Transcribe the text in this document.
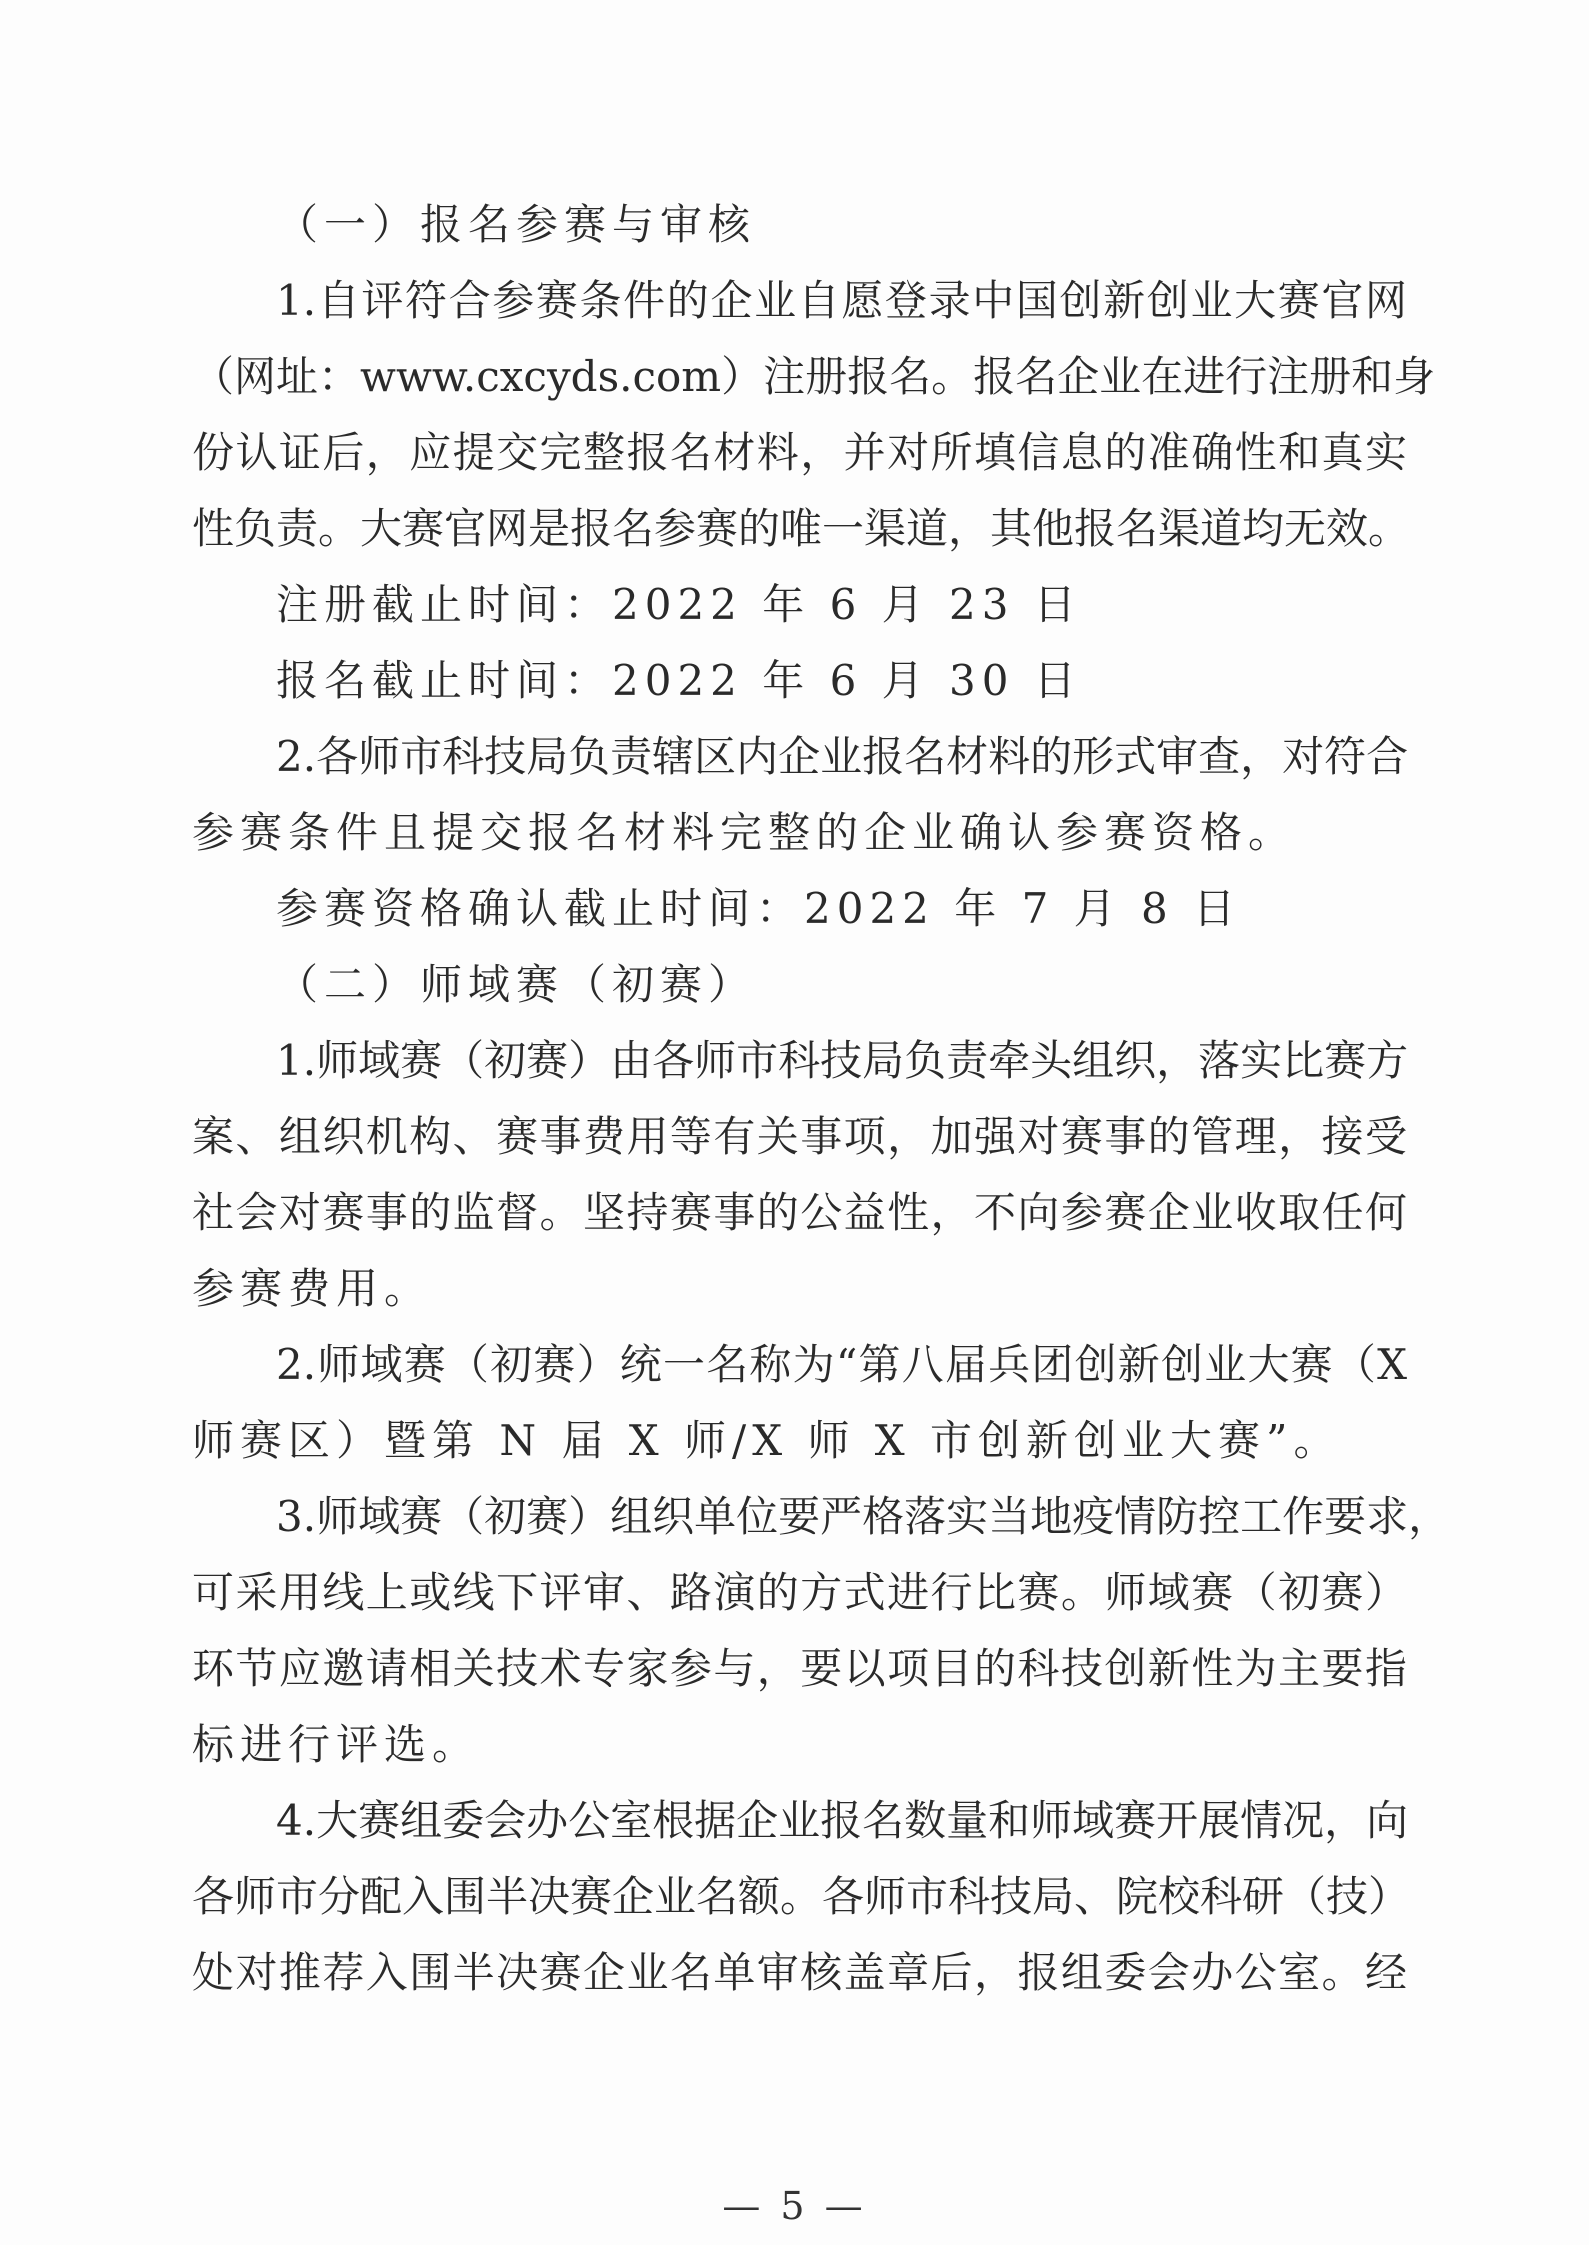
（一）报名参赛与审核
1.自评符合参赛条件的企业自愿登录中国创新创业大赛官网
（网址：www.cxcyds.com）注册报名。报名企业在进行注册和身
份认证后，应提交完整报名材料，并对所填信息的准确性和真实
性负责。大赛官网是报名参赛的唯一渠道，其他报名渠道均无效。
注册截止时间：2022 年 6 月 23 日
报名截止时间：2022 年 6 月 30 日
2.各师市科技局负责辖区内企业报名材料的形式审查，对符合
参赛条件且提交报名材料完整的企业确认参赛资格。
参赛资格确认截止时间：2022 年 7 月 8 日
（二）师域赛（初赛）
1.师域赛（初赛）由各师市科技局负责牵头组织，落实比赛方
案、组织机构、赛事费用等有关事项，加强对赛事的管理，接受
社会对赛事的监督。坚持赛事的公益性，不向参赛企业收取任何
参赛费用。
2.师域赛（初赛）统一名称为“第八届兵团创新创业大赛（X
师赛区）暨第 N 届 X 师/X 师 X 市创新创业大赛”。
3.师域赛（初赛）组织单位要严格落实当地疫情防控工作要求，
可采用线上或线下评审、路演的方式进行比赛。师域赛（初赛）
环节应邀请相关技术专家参与，要以项目的科技创新性为主要指
标进行评选。
4.大赛组委会办公室根据企业报名数量和师域赛开展情况，向
各师市分配入围半决赛企业名额。各师市科技局、院校科研（技）
处对推荐入围半决赛企业名单审核盖章后，报组委会办公室。经
— 5 —
